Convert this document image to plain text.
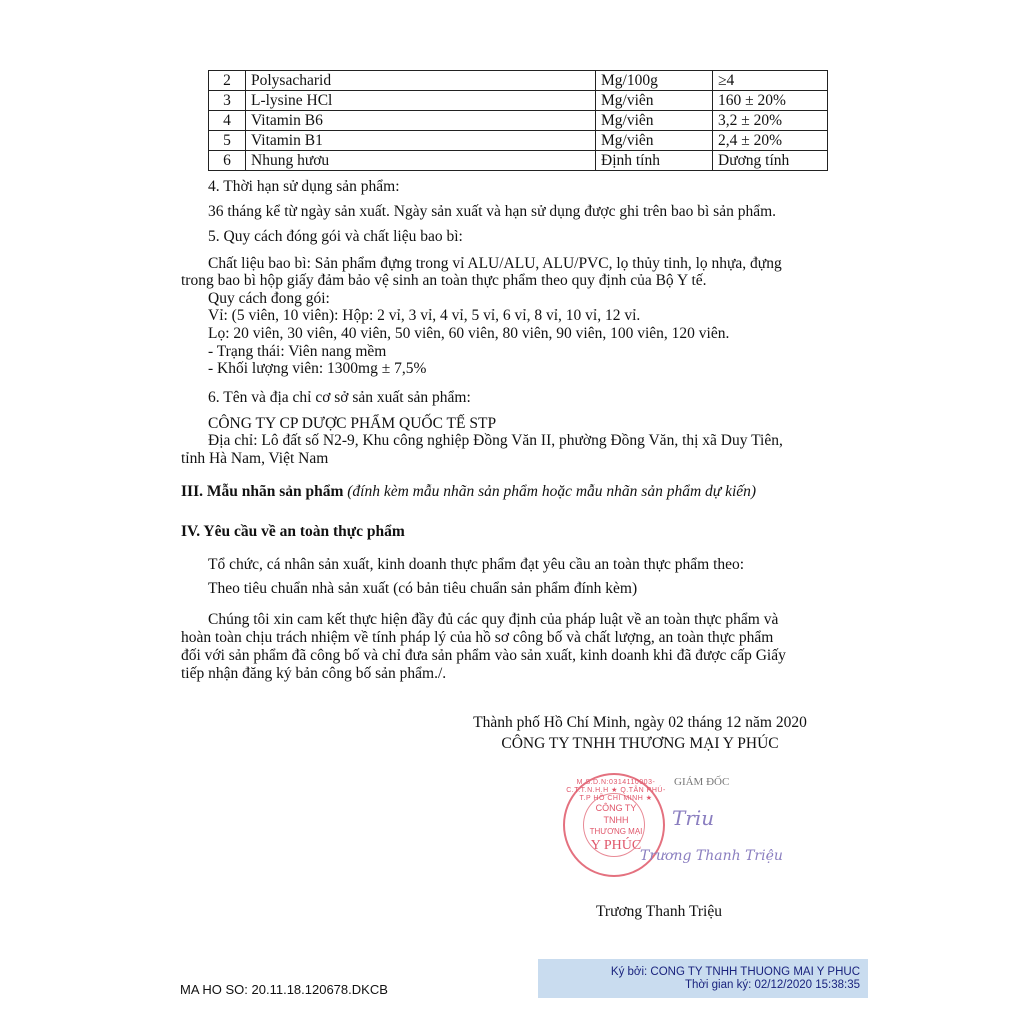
2	Polysacharid	Mg/100g	≥4
3	L-lysine HCl	Mg/viên	160 ± 20%
4	Vitamin B6	Mg/viên	3,2 ± 20%
5	Vitamin B1	Mg/viên	2,4 ± 20%
6	Nhung hươu	Định tính	Dương tính
4. Thời hạn sử dụng sản phẩm:
36 tháng kể từ ngày sản xuất. Ngày sản xuất và hạn sử dụng được ghi trên bao bì sản phẩm.
5. Quy cách đóng gói và chất liệu bao bì:
Chất liệu bao bì: Sản phẩm đựng trong vỉ ALU/ALU, ALU/PVC, lọ thủy tinh, lọ nhựa, đựng
trong bao bì hộp giấy đảm bảo vệ sinh an toàn thực phẩm theo quy định của Bộ Y tế.
Quy cách đong gói:
Vỉ: (5 viên, 10 viên): Hộp: 2 vỉ, 3 vỉ, 4 vỉ, 5 vỉ, 6 vỉ, 8 vỉ, 10 vỉ, 12 vỉ.
Lọ: 20 viên, 30 viên, 40 viên, 50 viên, 60 viên, 80 viên, 90 viên, 100 viên, 120 viên.
- Trạng thái: Viên nang mềm
- Khối lượng viên: 1300mg ± 7,5%
6. Tên và địa chỉ cơ sở sản xuất sản phẩm:
CÔNG TY CP DƯỢC PHẨM QUỐC TẾ STP
Địa chỉ: Lô đất số N2-9, Khu công nghiệp Đồng Văn II, phường Đồng Văn, thị xã Duy Tiên,
tỉnh Hà Nam, Việt Nam
III. Mẫu nhãn sản phẩm (đính kèm mẫu nhãn sản phẩm hoặc mẫu nhãn sản phẩm dự kiến)
IV. Yêu cầu về an toàn thực phẩm
Tổ chức, cá nhân sản xuất, kinh doanh thực phẩm đạt yêu cầu an toàn thực phẩm theo:
Theo tiêu chuẩn nhà sản xuất (có bản tiêu chuẩn sản phẩm đính kèm)
Chúng tôi xin cam kết thực hiện đầy đủ các quy định của pháp luật về an toàn thực phẩm và
hoàn toàn chịu trách nhiệm về tính pháp lý của hồ sơ công bố và chất lượng, an toàn thực phẩm
đối với sản phẩm đã công bố và chỉ đưa sản phẩm vào sản xuất, kinh doanh khi đã được cấp Giấy
tiếp nhận đăng ký bản công bố sản phẩm./.
Thành phố Hồ Chí Minh, ngày 02 tháng 12 năm 2020
CÔNG TY TNHH THƯƠNG MẠI Y PHÚC
M.S.D.N:0314110003-C.T.T.N.H.H ★ Q.TÂN PHÚ-T.P HỒ CHÍ MINH ★
CÔNG TY
TNHH
THƯƠNG MẠI
Y PHÚC
GIÁM ĐỐC
Triu
Trương Thanh Triệu
Trương Thanh Triệu
Ký bởi: CONG TY TNHH THUONG MAI Y PHUC
Thời gian ký: 02/12/2020 15:38:35
MA HO SO: 20.11.18.120678.DKCB
